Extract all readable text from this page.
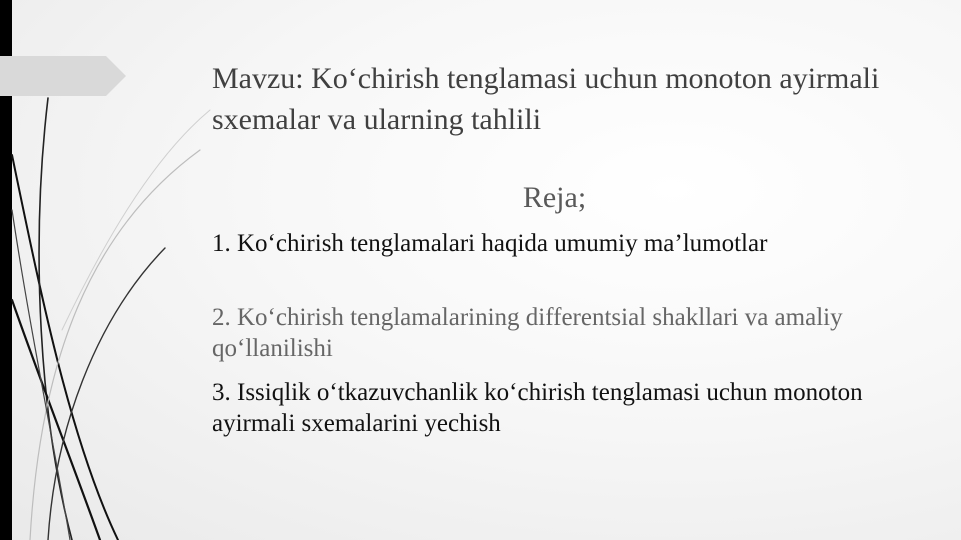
Mavzu: Ko‘chirish tenglamasi uchun monoton ayirmali sxemalar va ularning tahlili
Reja;

1. Ko‘chirish tenglamalari haqida umumiy ma’lumotlar

2. Ko‘chirish tenglamalarining differentsial shakllari va amaliy qo‘llanilishi

3. Issiqlik o‘tkazuvchanlik ko‘chirish tenglamasi uchun monoton ayirmali sxemalarini yechish
